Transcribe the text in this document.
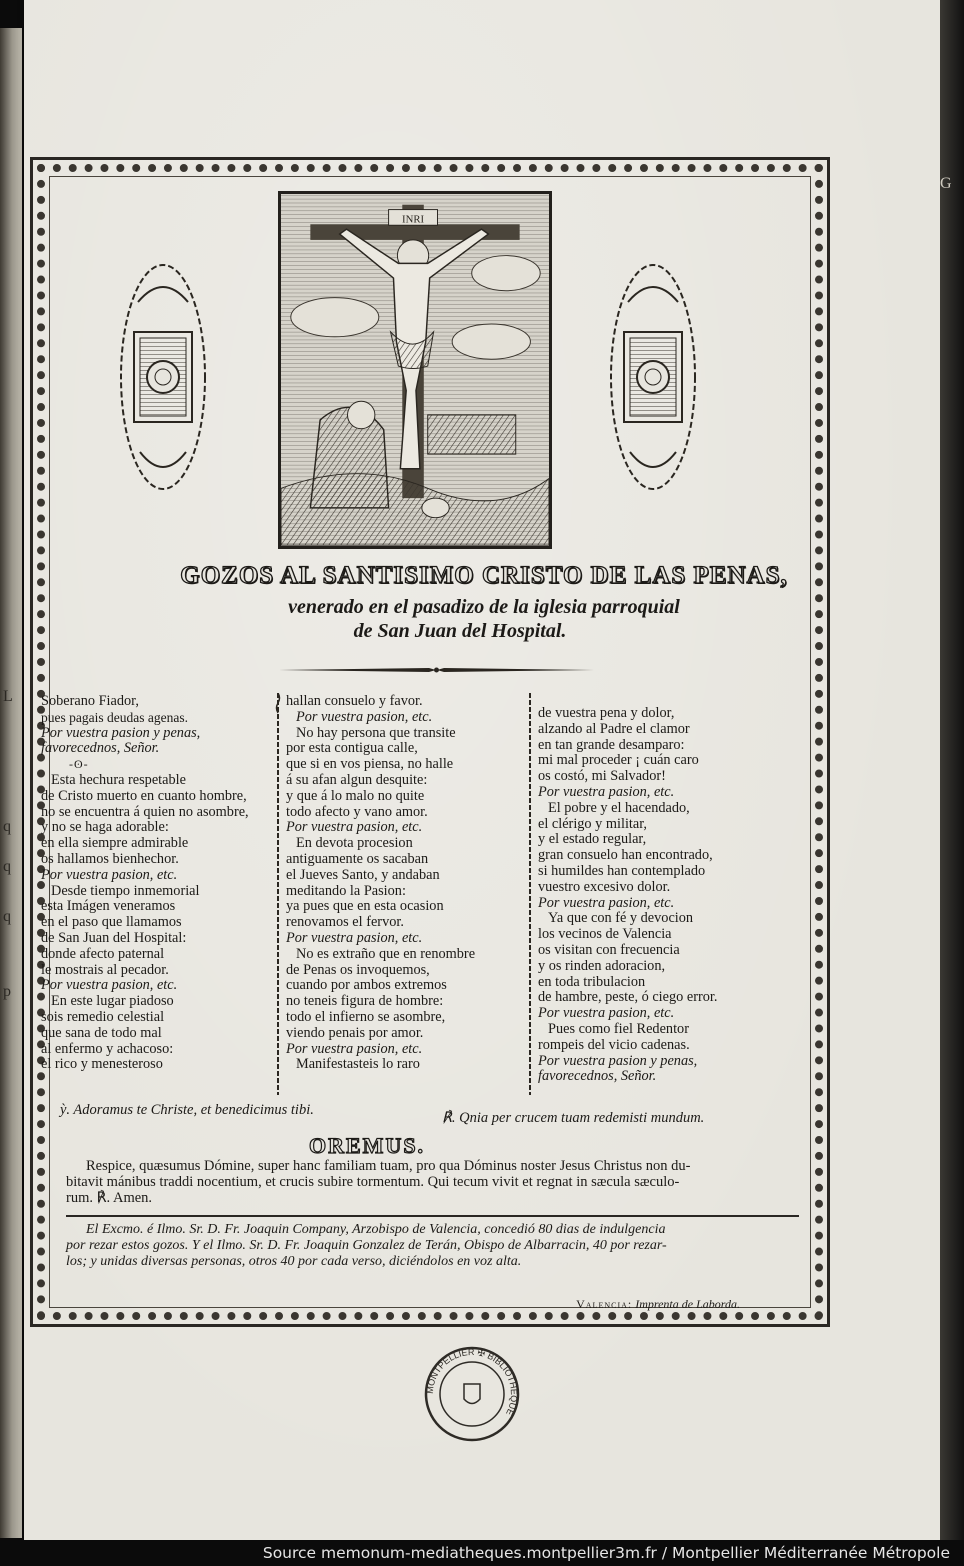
L
q
q
q
p
INRI
GOZOS AL SANTISIMO CRISTO DE LAS PENAS,
venerado en el pasadizo de la iglesia parroquial
de San Juan del Hospital.
Soberano Fiador,
pues pagais deudas agenas.
Por vuestra pasion y penas,
favorecednos, Señor.
-ʘ-
Esta hechura respetable
de Cristo muerto en cuanto hombre,
no se encuentra á quien no asombre,
y no se haga adorable:
en ella siempre admirable
os hallamos bienhechor.
Por vuestra pasion, etc.
Desde tiempo inmemorial
esta Imágen veneramos
en el paso que llamamos
de San Juan del Hospital:
donde afecto paternal
le mostrais al pecador.
Por vuestra pasion, etc.
En este lugar piadoso
sois remedio celestial
que sana de todo mal
al enfermo y achacoso:
el rico y menesteroso
hallan consuelo y favor.
Por vuestra pasion, etc.
No hay persona que transite
por esta contigua calle,
que si en vos piensa, no halle
á su afan algun desquite:
y que á lo malo no quite
todo afecto y vano amor.
Por vuestra pasion, etc.
En devota procesion
antiguamente os sacaban
el Jueves Santo, y andaban
meditando la Pasion:
ya pues que en esta ocasion
renovamos el fervor.
Por vuestra pasion, etc.
No es extraño que en renombre
de Penas os invoquemos,
cuando por ambos extremos
no teneis figura de hombre:
todo el infierno se asombre,
viendo penais por amor.
Por vuestra pasion, etc.
Manifestasteis lo raro
de vuestra pena y dolor,
alzando al Padre el clamor
en tan grande desamparo:
mi mal proceder ¡ cuán caro
os costó, mi Salvador!
Por vuestra pasion, etc.
El pobre y el hacendado,
el clérigo y militar,
y el estado regular,
gran consuelo han encontrado,
si humildes han contemplado
vuestro excesivo dolor.
Por vuestra pasion, etc.
Ya que con fé y devocion
los vecinos de Valencia
os visitan con frecuencia
y os rinden adoracion,
en toda tribulacion
de hambre, peste, ó ciego error.
Por vuestra pasion, etc.
Pues como fiel Redentor
rompeis del vicio cadenas.
Por vuestra pasion y penas,
favorecednos, Señor.
ỳ. Adoramus te Christe, et benedicimus tibi.	℟. Qnia per crucem tuam redemisti mundum.
OREMUS.
Respice, quæsumus Dómine, super hanc familiam tuam, pro qua Dóminus noster Jesus Christus non du-
bitavit mánibus traddi nocentium, et crucis subire tormentum. Qui tecum vivit et regnat in sæcula sæculo-
rum. ℟. Amen.
El Excmo. é Ilmo. Sr. D. Fr. Joaquin Company, Arzobispo de Valencia, concedió 80 dias de indulgencia
por rezar estos gozos. Y el Ilmo. Sr. D. Fr. Joaquin Gonzalez de Terán, Obispo de Albarracin, 40 por rezar-
los; y unidas diversas personas, otros 40 por cada verso, diciéndolos en voz alta.
Valencia: Imprenta de Laborda.
MONTPELLIER ✠ BIBLIOTHEQUE
G
Source memonum-mediatheques.montpellier3m.fr / Montpellier Méditerranée Métropole
